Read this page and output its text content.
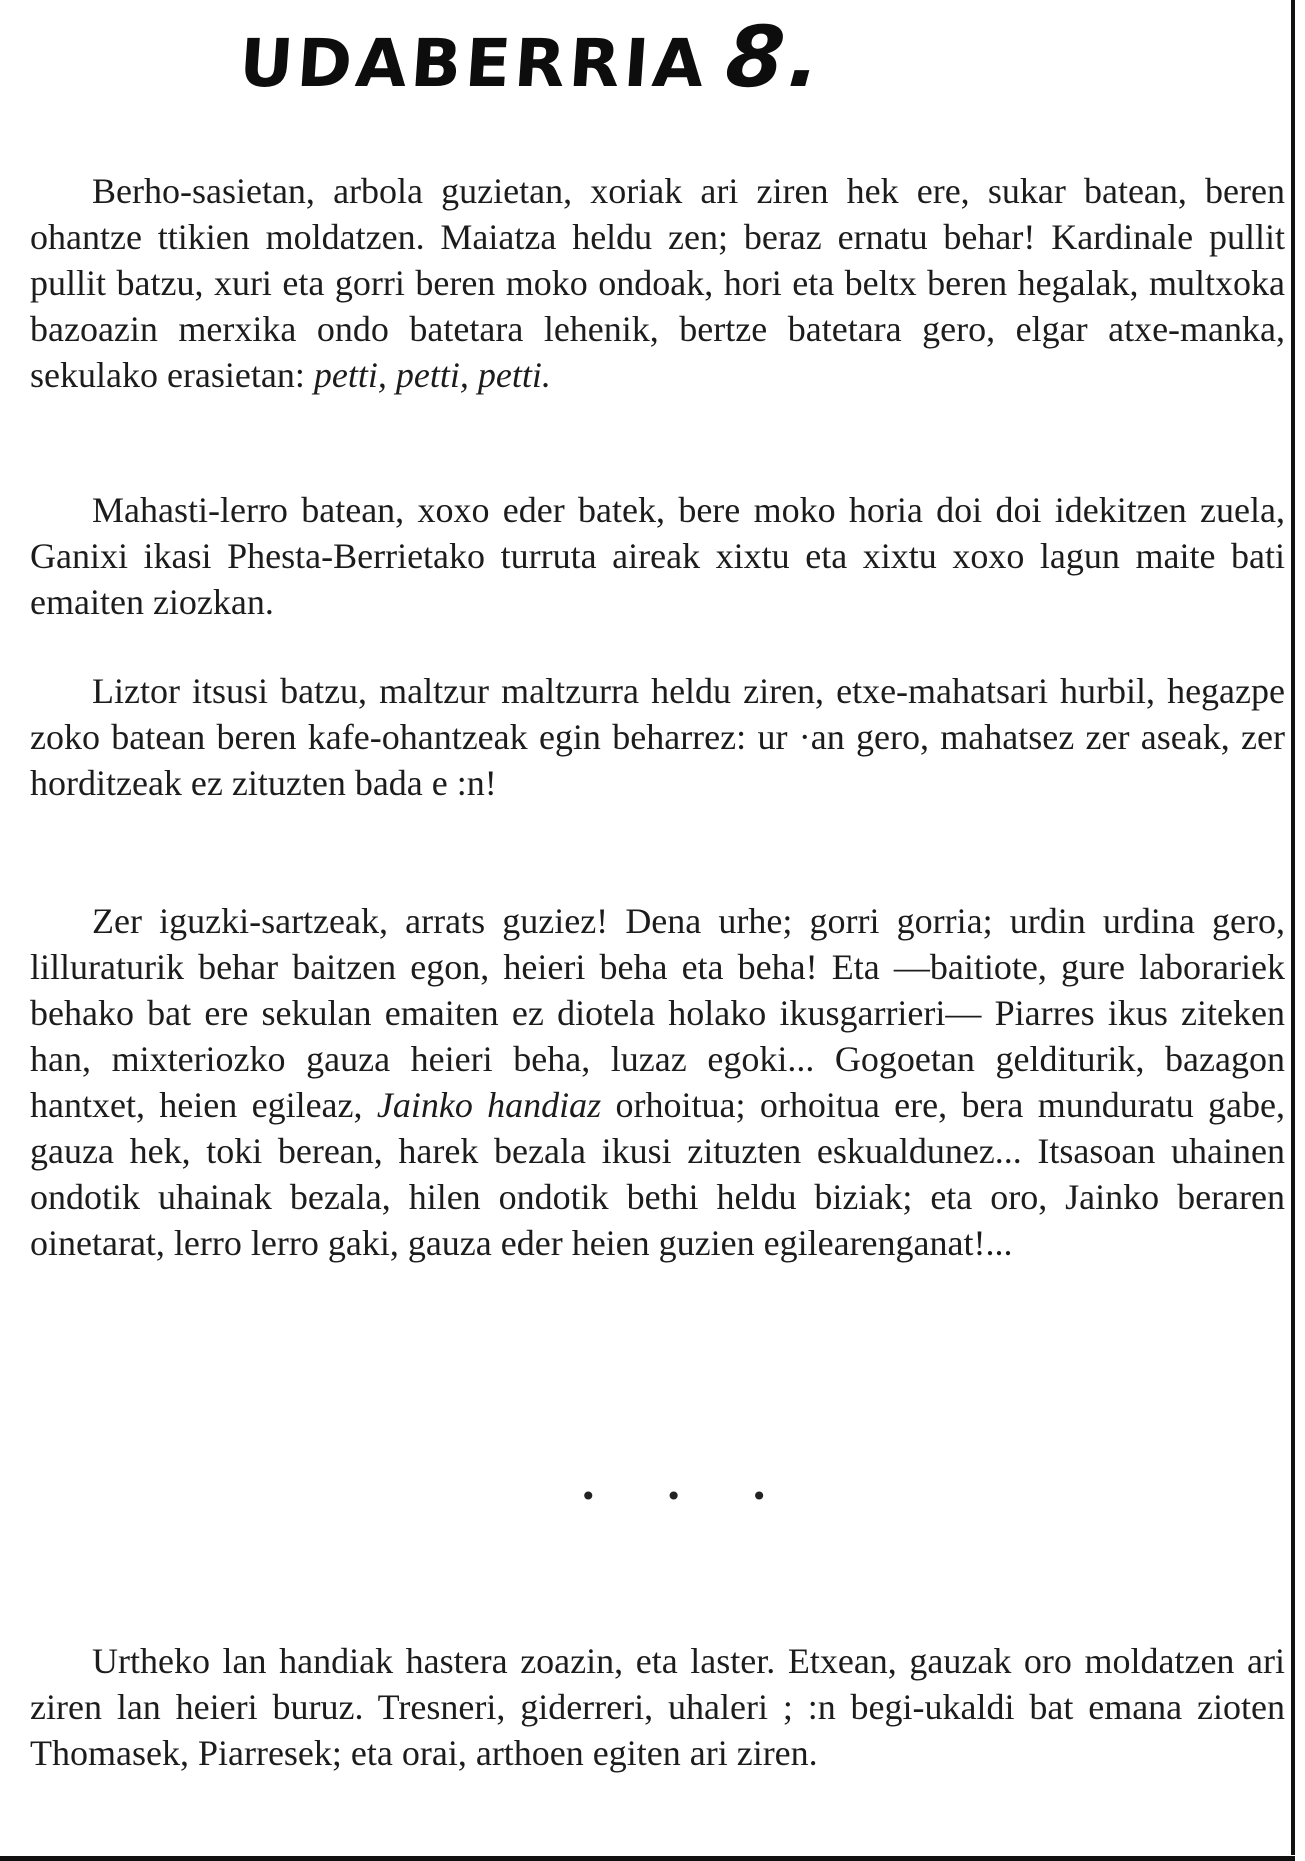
UDABERRIA 8.

Berho-sasietan, arbola guzietan, xoriak ari ziren hek ere, sukar batean, beren ohantze ttikien moldatzen. Maiatza heldu zen; beraz ernatu behar! Kardinale pullit pullit batzu, xuri eta gorri beren moko ondoak, hori eta beltx beren hegalak, multxoka bazoazin merxika ondo batetara lehenik, bertze batetara gero, elgar atxe-manka, sekulako erasietan: petti, petti, petti.

Mahasti-lerro batean, xoxo eder batek, bere moko horia doi doi idekitzen zuela, Ganixi ikasi Phesta-Berrietako turruta aireak xixtu eta xixtu xoxo lagun maite bati emaiten ziozkan.

Liztor itsusi batzu, maltzur maltzurra heldu ziren, etxe-mahatsari hurbil, hegazpe zoko batean beren kafe-ohantzeak egin beharrez: ur ·an gero, mahatsez zer aseak, zer horditzeak ez zituzten bada e :n!

Zer iguzki-sartzeak, arrats guziez! Dena urhe; gorri gorria; urdin urdina gero, lilluraturik behar baitzen egon, heieri beha eta beha! Eta —baitiote, gure laborariek behako bat ere sekulan emaiten ez diotela holako ikusgarrieri— Piarres ikus ziteken han, mixteriozko gauza heieri beha, luzaz egoki... Gogoetan gelditurik, bazagon hantxet, heien egileaz, Jainko handiaz orhoitua; orhoitua ere, bera munduratu gabe, gauza hek, toki berean, harek bezala ikusi zituzten eskualdunez... Itsasoan uhainen ondotik uhainak bezala, hilen ondotik bethi heldu biziak; eta oro, Jainko beraren oinetarat, lerro lerro gaki, gauza eder heien guzien egilearenganat!...

• • •

Urtheko lan handiak hastera zoazin, eta laster. Etxean, gauzak oro moldatzen ari ziren lan heieri buruz. Tresneri, giderreri, uhaleri ; :n begi-ukaldi bat emana zioten Thomasek, Piarresek; eta orai, arthoen egiten ari ziren.
